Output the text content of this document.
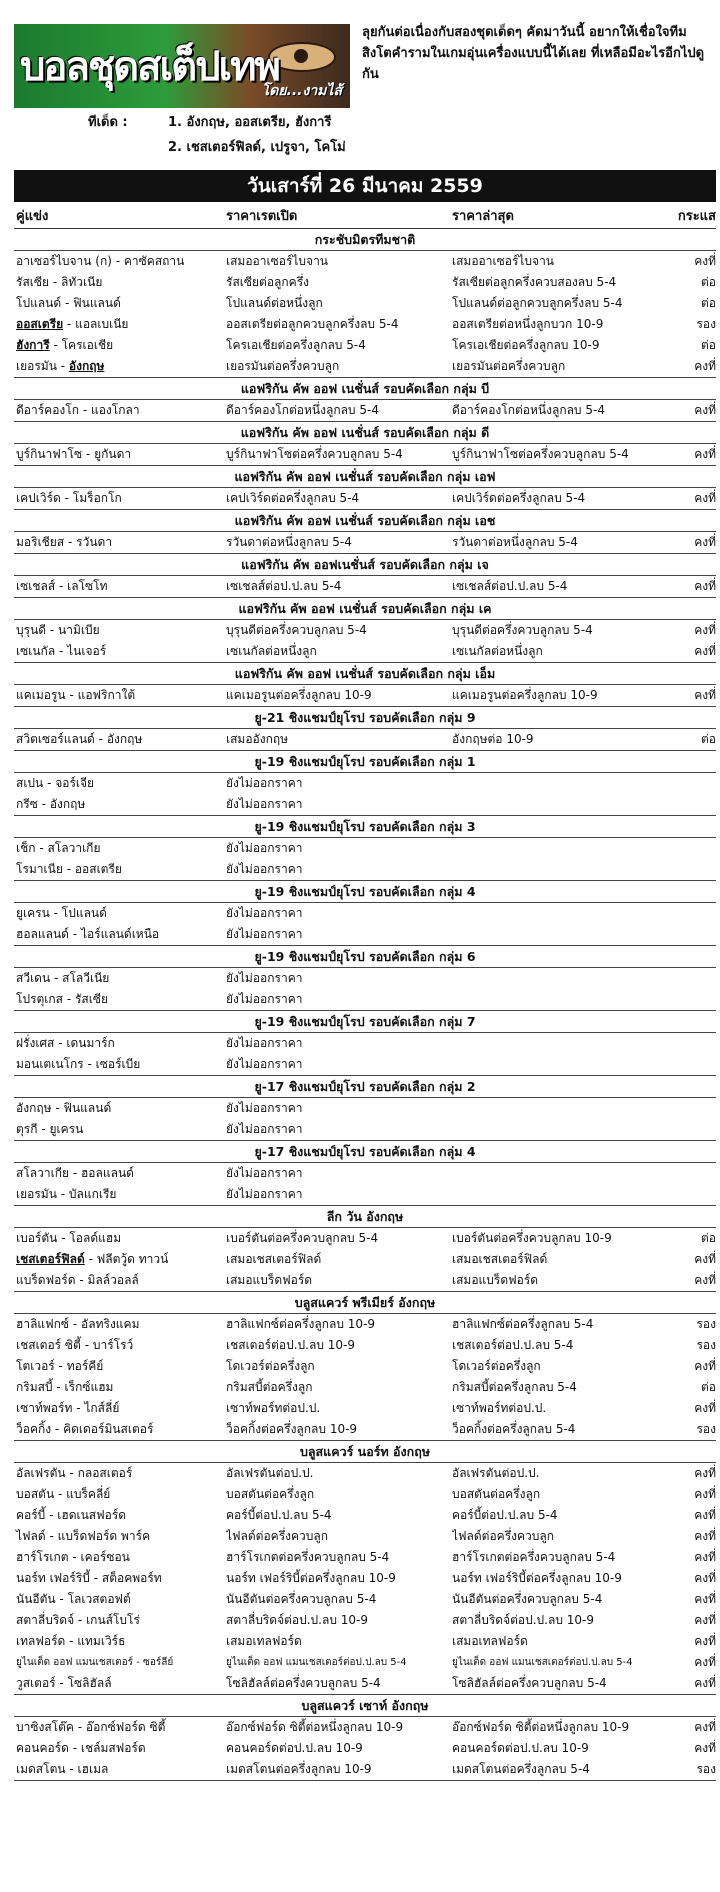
บอลชุดสเต็ปเทพ
โดย...งามไส้
ลุยกันต่อเนื่องกับสองชุดเด็ดๆ คัดมาวันนี้ อยากให้เชื่อใจทีมสิงโตคำรามในเกมอุ่นเครื่องแบบนี้ได้เลย ที่เหลือมีอะไรอีกไปดูกัน
ทีเด็ด :	1. อังกฤษ, ออสเตรีย, ฮังการี
2. เชสเตอร์ฟิลด์, เปรูจา, โคโม่
วันเสาร์ที่ 26 มีนาคม 2559
คู่แข่ง	ราคาเรตเปิด	ราคาล่าสุด	กระแส
กระชับมิตรทีมชาติ
อาเซอร์ไบจาน (ก) - คาซัคสถาน	เสมออาเซอร์ไบจาน	เสมออาเซอร์ไบจาน	คงที่
รัสเซีย - ลิทัวเนีย	รัสเซียต่อลูกครึ่ง	รัสเซียต่อลูกครึ่งควบสองลบ 5-4	ต่อ
โปแลนด์ - ฟินแลนด์	โปแลนด์ต่อหนึ่งลูก	โปแลนด์ต่อลูกควบลูกครึ่งลบ 5-4	ต่อ
ออสเตรีย - แอลเบเนีย	ออสเตรียต่อลูกควบลูกครึ่งลบ 5-4	ออสเตรียต่อหนึ่งลูกบวก 10-9	รอง
ฮังการี - โครเอเชีย	โครเอเชียต่อครึ่งลูกลบ 5-4	โครเอเชียต่อครึ่งลูกลบ 10-9	ต่อ
เยอรมัน - อังกฤษ	เยอรมันต่อครึ่งควบลูก	เยอรมันต่อครึ่งควบลูก	คงที่
แอฟริกัน คัพ ออฟ เนชั่นส์ รอบคัดเลือก กลุ่ม บี
ดีอาร์คองโก - แองโกลา	ดีอาร์คองโกต่อหนึ่งลูกลบ 5-4	ดีอาร์คองโกต่อหนึ่งลูกลบ 5-4	คงที่
แอฟริกัน คัพ ออฟ เนชั่นส์ รอบคัดเลือก กลุ่ม ดี
บูร์กินาฟาโซ - ยูกันดา	บูร์กินาฟาโซต่อครึ่งควบลูกลบ 5-4	บูร์กินาฟาโซต่อครึ่งควบลูกลบ 5-4	คงที่
แอฟริกัน คัพ ออฟ เนชั่นส์ รอบคัดเลือก กลุ่ม เอฟ
เคปเวิร์ด - โมร็อกโก	เคปเวิร์ดต่อครึ่งลูกลบ 5-4	เคปเวิร์ดต่อครึ่งลูกลบ 5-4	คงที่
แอฟริกัน คัพ ออฟ เนชั่นส์ รอบคัดเลือก กลุ่ม เอช
มอริเชียส - รวันดา	รวันดาต่อหนึ่งลูกลบ 5-4	รวันดาต่อหนึ่งลูกลบ 5-4	คงที่
แอฟริกัน คัพ ออฟเนชั่นส์ รอบคัดเลือก กลุ่ม เจ
เซเชลส์ - เลโซโท	เซเชลส์ต่อป.ป.ลบ 5-4	เซเชลส์ต่อป.ป.ลบ 5-4	คงที่
แอฟริกัน คัพ ออฟ เนชั่นส์ รอบคัดเลือก กลุ่ม เค
บุรุนดี - นามิเบีย	บุรุนดีต่อครึ่งควบลูกลบ 5-4	บุรุนดีต่อครึ่งควบลูกลบ 5-4	คงที่
เซเนกัล - ไนเจอร์	เซเนกัลต่อหนึ่งลูก	เซเนกัลต่อหนึ่งลูก	คงที่
แอฟริกัน คัพ ออฟ เนชั่นส์ รอบคัดเลือก กลุ่ม เอ็ม
แคเมอรูน - แอฟริกาใต้	แคเมอรูนต่อครึ่งลูกลบ 10-9	แคเมอรูนต่อครึ่งลูกลบ 10-9	คงที่
ยู-21 ชิงแชมป์ยุโรป รอบคัดเลือก กลุ่ม 9
สวิตเซอร์แลนด์ - อังกฤษ	เสมออังกฤษ	อังกฤษต่อ 10-9	ต่อ
ยู-19 ชิงแชมป์ยุโรป รอบคัดเลือก กลุ่ม 1
สเปน - จอร์เจีย	ยังไม่ออกราคา
กรีซ - อังกฤษ	ยังไม่ออกราคา
ยู-19 ชิงแชมป์ยุโรป รอบคัดเลือก กลุ่ม 3
เช็ก - สโลวาเกีย	ยังไม่ออกราคา
โรมาเนีย - ออสเตรีย	ยังไม่ออกราคา
ยู-19 ชิงแชมป์ยุโรป รอบคัดเลือก กลุ่ม 4
ยูเครน - โปแลนด์	ยังไม่ออกราคา
ฮอลแลนด์ - ไอร์แลนด์เหนือ	ยังไม่ออกราคา
ยู-19 ชิงแชมป์ยุโรป รอบคัดเลือก กลุ่ม 6
สวีเดน - สโลวีเนีย	ยังไม่ออกราคา
โปรตุเกส - รัสเซีย	ยังไม่ออกราคา
ยู-19 ชิงแชมป์ยุโรป รอบคัดเลือก กลุ่ม 7
ฝรั่งเศส - เดนมาร์ก	ยังไม่ออกราคา
มอนเตเนโกร - เซอร์เบีย	ยังไม่ออกราคา
ยู-17 ชิงแชมป์ยุโรป รอบคัดเลือก กลุ่ม 2
อังกฤษ - ฟินแลนด์	ยังไม่ออกราคา
ตุรกี - ยูเครน	ยังไม่ออกราคา
ยู-17 ชิงแชมป์ยุโรป รอบคัดเลือก กลุ่ม 4
สโลวาเกีย - ฮอลแลนด์	ยังไม่ออกราคา
เยอรมัน - บัลแกเรีย	ยังไม่ออกราคา
ลีก วัน อังกฤษ
เบอร์ตัน - โอลด์แฮม	เบอร์ตันต่อครึ่งควบลูกลบ 5-4	เบอร์ตันต่อครึ่งควบลูกลบ 10-9	ต่อ
เชสเตอร์ฟิลด์ - ฟลีตวู้ด ทาวน์	เสมอเชสเตอร์ฟิลด์	เสมอเชสเตอร์ฟิลด์	คงที่
แบร็ดฟอร์ด - มิลล์วอลล์	เสมอแบร็ดฟอร์ด	เสมอแบร็ดฟอร์ด	คงที่
บลูสแควร์ พรีเมียร์ อังกฤษ
ฮาลิแฟกซ์ - อัลทริงแคม	ฮาลิแฟกซ์ต่อครึ่งลูกลบ 10-9	ฮาลิแฟกซ์ต่อครึ่งลูกลบ 5-4	รอง
เชสเตอร์ ซิตี้ - บาร์โรว์	เชสเตอร์ต่อป.ป.ลบ 10-9	เชสเตอร์ต่อป.ป.ลบ 5-4	รอง
โตเวอร์ - ทอร์คีย์	โดเวอร์ต่อครึ่งลูก	โดเวอร์ต่อครึ่งลูก	คงที่
กริมสบี้ - เร็กซ์แฮม	กริมสบี้ต่อครึ่งลูก	กริมสบี้ต่อครึ่งลูกลบ 5-4	ต่อ
เซาท์พอร์ท - ไกส์ลี่ย์	เซาท์พอร์ทต่อป.ป.	เซาท์พอร์ทต่อป.ป.	คงที่
ว็อคกิ้ง - คิดเดอร์มินสเตอร์	ว็อคกิ้งต่อครึ่งลูกลบ 10-9	ว็อคกิ้งต่อครึ่งลูกลบ 5-4	รอง
บลูสแควร์ นอร์ท อังกฤษ
อัลเฟรตัน - กลอสเตอร์	อัลเฟรตันต่อป.ป.	อัลเฟรตันต่อป.ป.	คงที่
บอสตัน - แบร็คลี่ย์	บอสตันต่อครึ่งลูก	บอสตันต่อครึ่งลูก	คงที่
คอร์บี้ - เฮดเนสฟอร์ด	คอร์บี้ต่อป.ป.ลบ 5-4	คอร์บี้ต่อป.ป.ลบ 5-4	คงที่
ไฟลด์ - แบร็ดฟอร์ด พาร์ค	ไฟลด์ต่อครึ่งควบลูก	ไฟลด์ต่อครึ่งควบลูก	คงที่
ฮาร์โรเกต - เคอร์ซอน	ฮาร์โรเกตต่อครึ่งควบลูกลบ 5-4	ฮาร์โรเกตต่อครึ่งควบลูกลบ 5-4	คงที่
นอร์ท เฟอร์ริบี้ - สต็อคพอร์ท	นอร์ท เฟอร์ริบี้ต่อครึ่งลูกลบ 10-9	นอร์ท เฟอร์ริบี้ต่อครึ่งลูกลบ 10-9	คงที่
นันอีตัน - โลเวสตอฟต์	นันอีตันต่อครึ่งควบลูกลบ 5-4	นันอีตันต่อครึ่งควบลูกลบ 5-4	คงที่
สตาลี่บริดจ์ - เกนส์โบโร่	สตาลี่บริดจ์ต่อป.ป.ลบ 10-9	สตาลี่บริดจ์ต่อป.ป.ลบ 10-9	คงที่
เทลฟอร์ด - แทมเวิร์ธ	เสมอเทลฟอร์ด	เสมอเทลฟอร์ด	คงที่
ยูไนเต็ด ออฟ แมนเชสเตอร์ - ซอร์ลีย์	ยูไนเต็ด ออฟ แมนเชสเตอร์ต่อป.ป.ลบ 5-4	ยูไนเต็ด ออฟ แมนเชสเตอร์ต่อป.ป.ลบ 5-4	คงที่
วูสเตอร์ - โซลิฮัลล์	โซลิฮัลล์ต่อครึ่งควบลูกลบ 5-4	โซลิฮัลล์ต่อครึ่งควบลูกลบ 5-4	คงที่
บลูสแควร์ เซาท์ อังกฤษ
บาซิงสโต๊ค - อ๊อกซ์ฟอร์ด ซิตี้	อ๊อกซ์ฟอร์ด ซิตี้ต่อหนึ่งลูกลบ 10-9	อ๊อกซ์ฟอร์ด ซิตี้ต่อหนึ่งลูกลบ 10-9	คงที่
คอนคอร์ด - เชล์มสฟอร์ด	คอนคอร์ดต่อป.ป.ลบ 10-9	คอนคอร์ดต่อป.ป.ลบ 10-9	คงที่
เมดสโตน - เฮเมล	เมดสโตนต่อครึ่งลูกลบ 10-9	เมดสโตนต่อครึ่งลูกลบ 5-4	รอง
